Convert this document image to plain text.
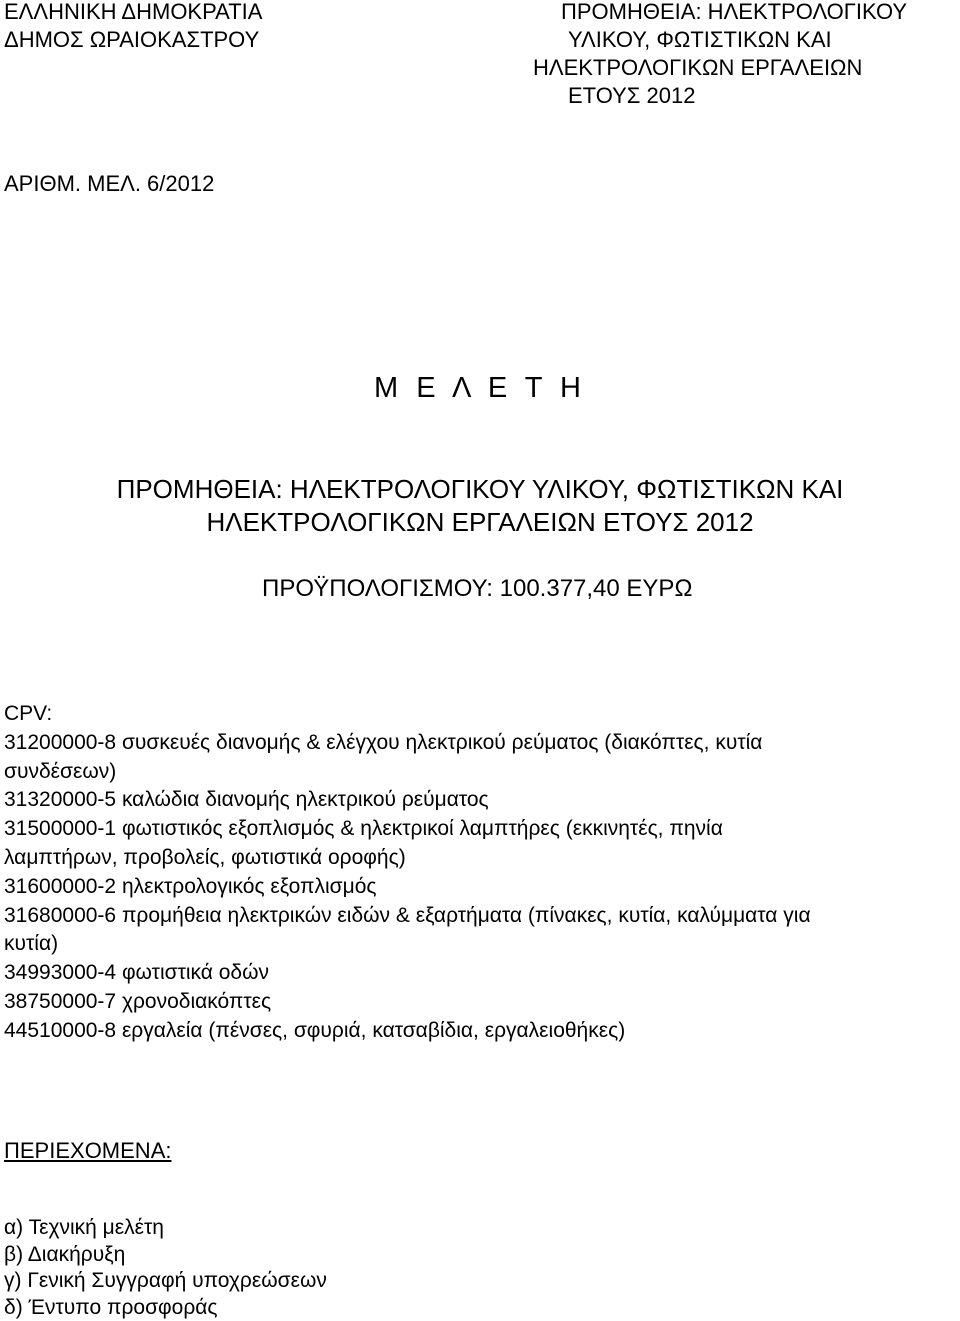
ΕΛΛΗΝΙΚΗ ΔΗΜΟΚΡΑΤΙΑ
ΔΗΜΟΣ ΩΡΑΙΟΚΑΣΤΡΟΥ
ΠΡΟΜΗΘΕΙΑ: ΗΛΕΚΤΡΟΛΟΓΙΚΟΥ
ΥΛΙΚΟΥ, ΦΩΤΙΣΤΙΚΩΝ ΚΑΙ
ΗΛΕΚΤΡΟΛΟΓΙΚΩΝ ΕΡΓΑΛΕΙΩΝ
ΕΤΟΥΣ 2012
ΑΡΙΘΜ. ΜΕΛ. 6/2012
Μ Ε Λ Ε Τ Η
ΠΡΟΜΗΘΕΙΑ: ΗΛΕΚΤΡΟΛΟΓΙΚΟΥ ΥΛΙΚΟΥ, ΦΩΤΙΣΤΙΚΩΝ ΚΑΙ
ΗΛΕΚΤΡΟΛΟΓΙΚΩΝ ΕΡΓΑΛΕΙΩΝ ΕΤΟΥΣ 2012
ΠΡΟΫΠΟΛΟΓΙΣΜΟΥ: 100.377,40 ΕΥΡΩ
CPV:
31200000-8 συσκευές διανομής & ελέγχου ηλεκτρικού ρεύματος (διακόπτες, κυτία
συνδέσεων)
31320000-5 καλώδια διανομής ηλεκτρικού ρεύματος
31500000-1 φωτιστικός εξοπλισμός & ηλεκτρικοί λαμπτήρες (εκκινητές, πηνία
λαμπτήρων, προβολείς, φωτιστικά οροφής)
31600000-2 ηλεκτρολογικός εξοπλισμός
31680000-6 προμήθεια ηλεκτρικών ειδών & εξαρτήματα (πίνακες, κυτία, καλύμματα για
κυτία)
34993000-4 φωτιστικά οδών
38750000-7 χρονοδιακόπτες
44510000-8 εργαλεία (πένσες, σφυριά, κατσαβίδια, εργαλειοθήκες)
ΠΕΡΙΕΧΟΜΕΝΑ:
α) Τεχνική μελέτη
β) Διακήρυξη
γ) Γενική Συγγραφή υποχρεώσεων
δ) Έντυπο προσφοράς
